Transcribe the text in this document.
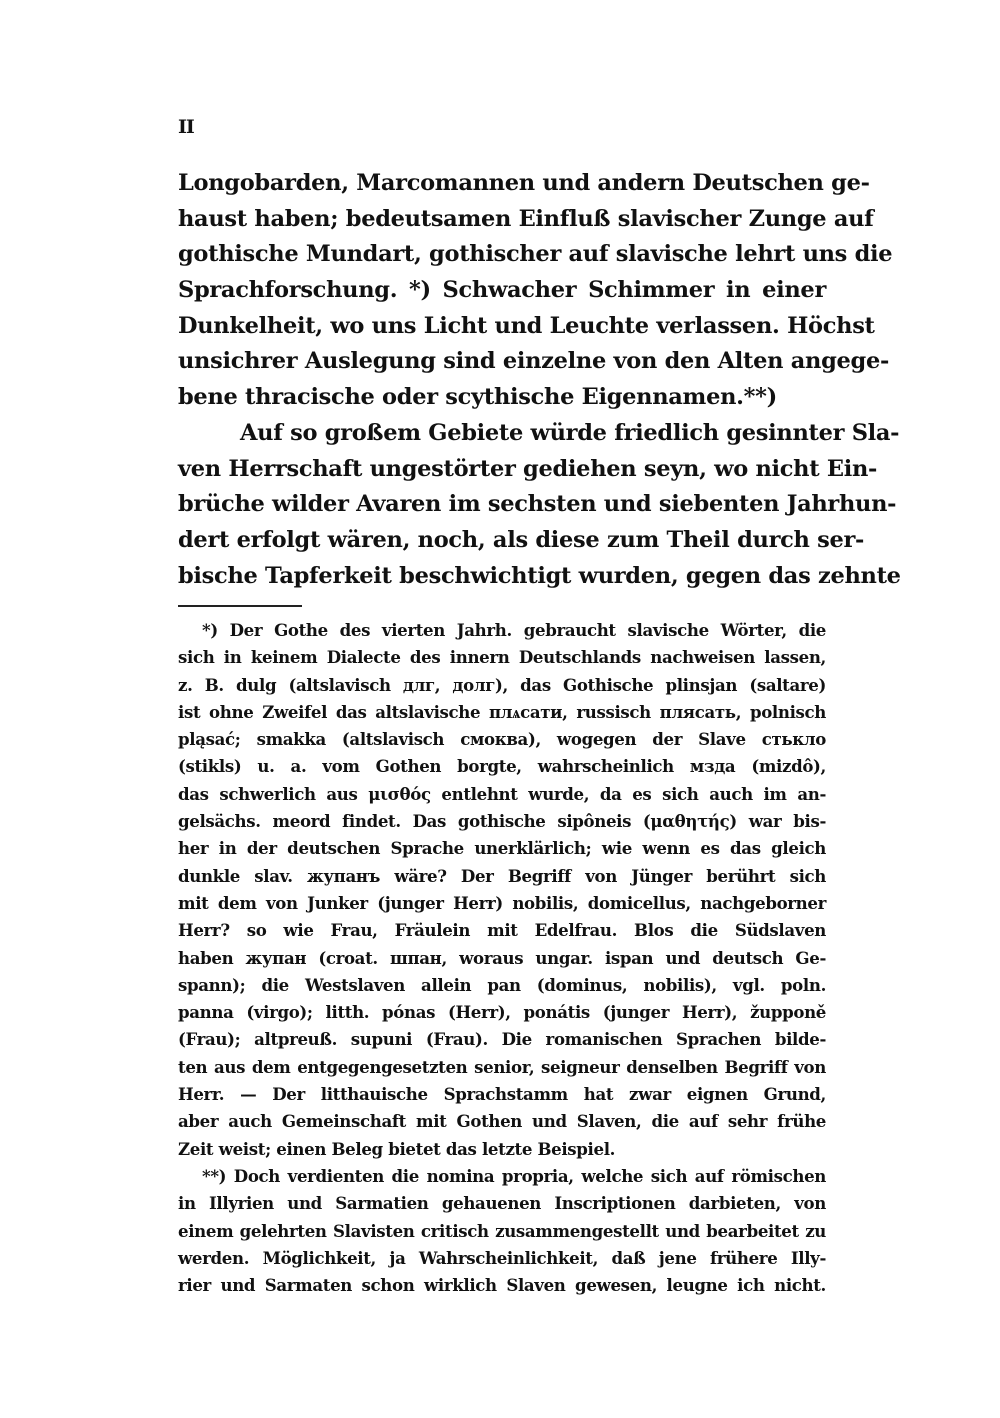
II
Longobarden, Marcomannen und andern Deutschen ge-
haust haben; bedeutsamen Einfluß slavischer Zunge auf
gothische Mundart, gothischer auf slavische lehrt uns die
Sprachforschung. *) Schwacher Schimmer in einer
Dunkelheit, wo uns Licht und Leuchte verlassen. Höchst
unsichrer Auslegung sind einzelne von den Alten angege-
bene thracische oder scythische Eigennamen.**)
Auf so großem Gebiete würde friedlich gesinnter Sla-
ven Herrschaft ungestörter gediehen seyn, wo nicht Ein-
brüche wilder Avaren im sechsten und siebenten Jahrhun-
dert erfolgt wären, noch, als diese zum Theil durch ser-
bische Tapferkeit beschwichtigt wurden, gegen das zehnte
*) Der Gothe des vierten Jahrh. gebraucht slavische Wörter, die
sich in keinem Dialecte des innern Deutschlands nachweisen lassen,
z. B. dulg (altslavisch длг, долг), das Gothische plinsjan (saltare)
ist ohne Zweifel das altslavische плѧсати, russisch плясать, polnisch
pląsać; smakka (altslavisch смоква), wogegen der Slave стькло
(stikls) u. a. vom Gothen borgte, wahrscheinlich мзда (mizdô),
das schwerlich aus μισθός entlehnt wurde, da es sich auch im an-
gelsächs. meord findet. Das gothische sipôneis (μαθητής) war bis-
her in der deutschen Sprache unerklärlich; wie wenn es das gleich
dunkle slav. жупанъ wäre? Der Begriff von Jünger berührt sich
mit dem von Junker (junger Herr) nobilis, domicellus, nachgeborner
Herr? so wie Frau, Fräulein mit Edelfrau. Blos die Südslaven
haben жупан (croat. шпан, woraus ungar. ispan und deutsch Ge-
spann); die Westslaven allein pan (dominus, nobilis), vgl. poln.
panna (virgo); litth. pónas (Herr), ponátis (junger Herr), župponě
(Frau); altpreuß. supuni (Frau). Die romanischen Sprachen bilde-
ten aus dem entgegengesetzten senior, seigneur denselben Begriff von
Herr. — Der litthauische Sprachstamm hat zwar eignen Grund,
aber auch Gemeinschaft mit Gothen und Slaven, die auf sehr frühe
Zeit weist; einen Beleg bietet das letzte Beispiel.
**) Doch verdienten die nomina propria, welche sich auf römischen
in Illyrien und Sarmatien gehauenen Inscriptionen darbieten, von
einem gelehrten Slavisten critisch zusammengestellt und bearbeitet zu
werden. Möglichkeit, ja Wahrscheinlichkeit, daß jene frühere Illy-
rier und Sarmaten schon wirklich Slaven gewesen, leugne ich nicht.
